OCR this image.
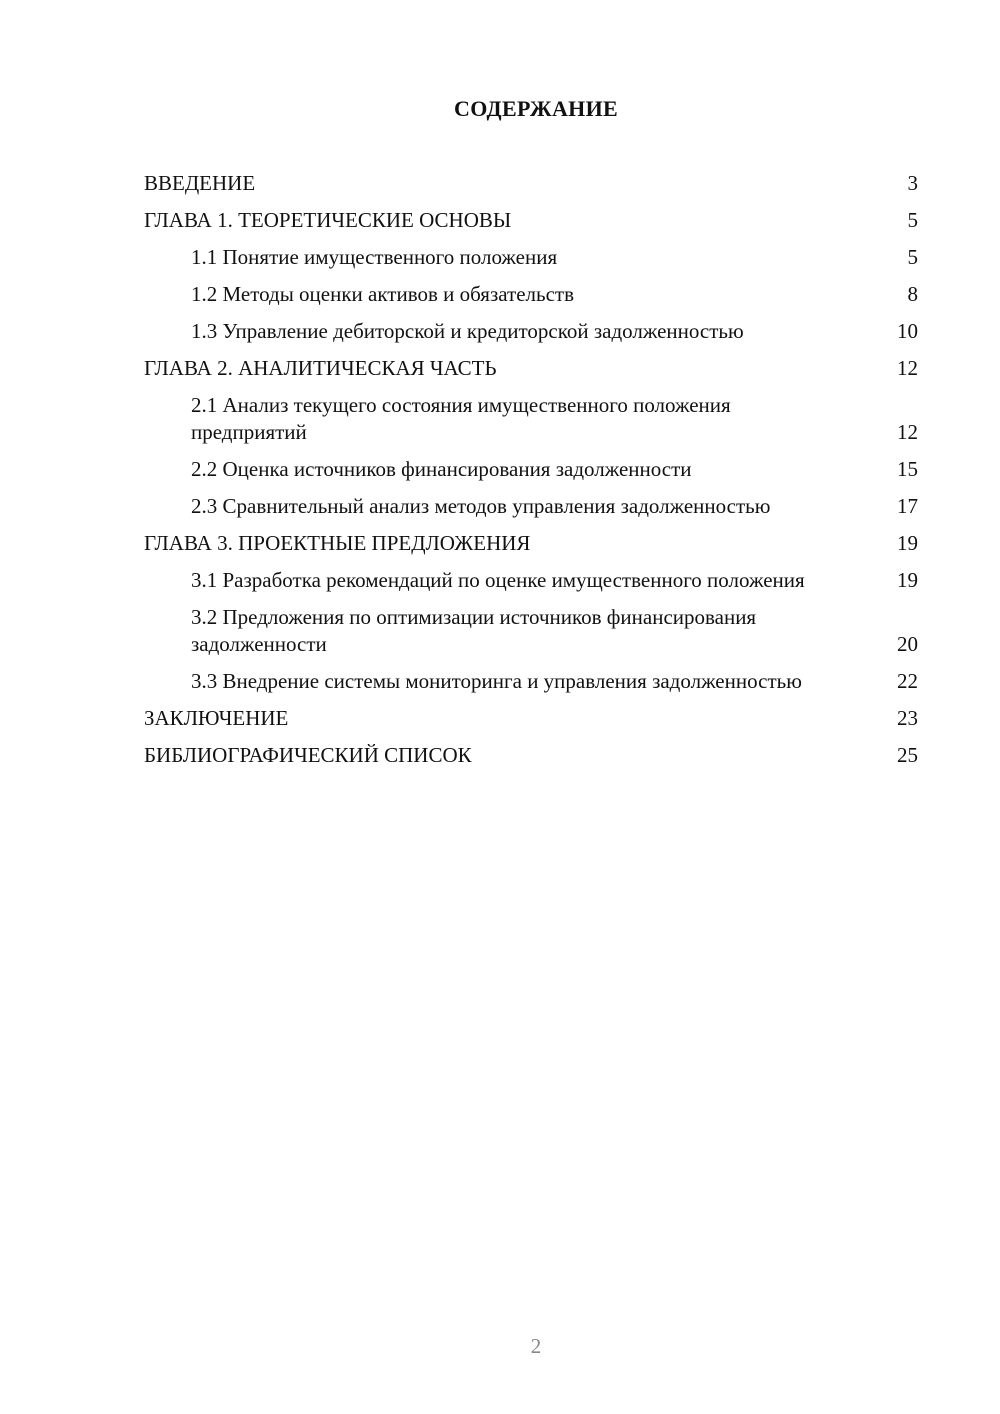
СОДЕРЖАНИЕ
ВВЕДЕНИЕ	3
ГЛАВА 1. ТЕОРЕТИЧЕСКИЕ ОСНОВЫ	5
1.1 Понятие имущественного положения	5
1.2 Методы оценки активов и обязательств	8
1.3 Управление дебиторской и кредиторской задолженностью	10
ГЛАВА 2. АНАЛИТИЧЕСКАЯ ЧАСТЬ	12
2.1 Анализ текущего состояния имущественного положения предприятий	12
2.2 Оценка источников финансирования задолженности	15
2.3 Сравнительный анализ методов управления задолженностью	17
ГЛАВА 3. ПРОЕКТНЫЕ ПРЕДЛОЖЕНИЯ	19
3.1 Разработка рекомендаций по оценке имущественного положения	19
3.2 Предложения по оптимизации источников финансирования задолженности	20
3.3 Внедрение системы мониторинга и управления задолженностью	22
ЗАКЛЮЧЕНИЕ	23
БИБЛИОГРАФИЧЕСКИЙ СПИСОК	25
2
